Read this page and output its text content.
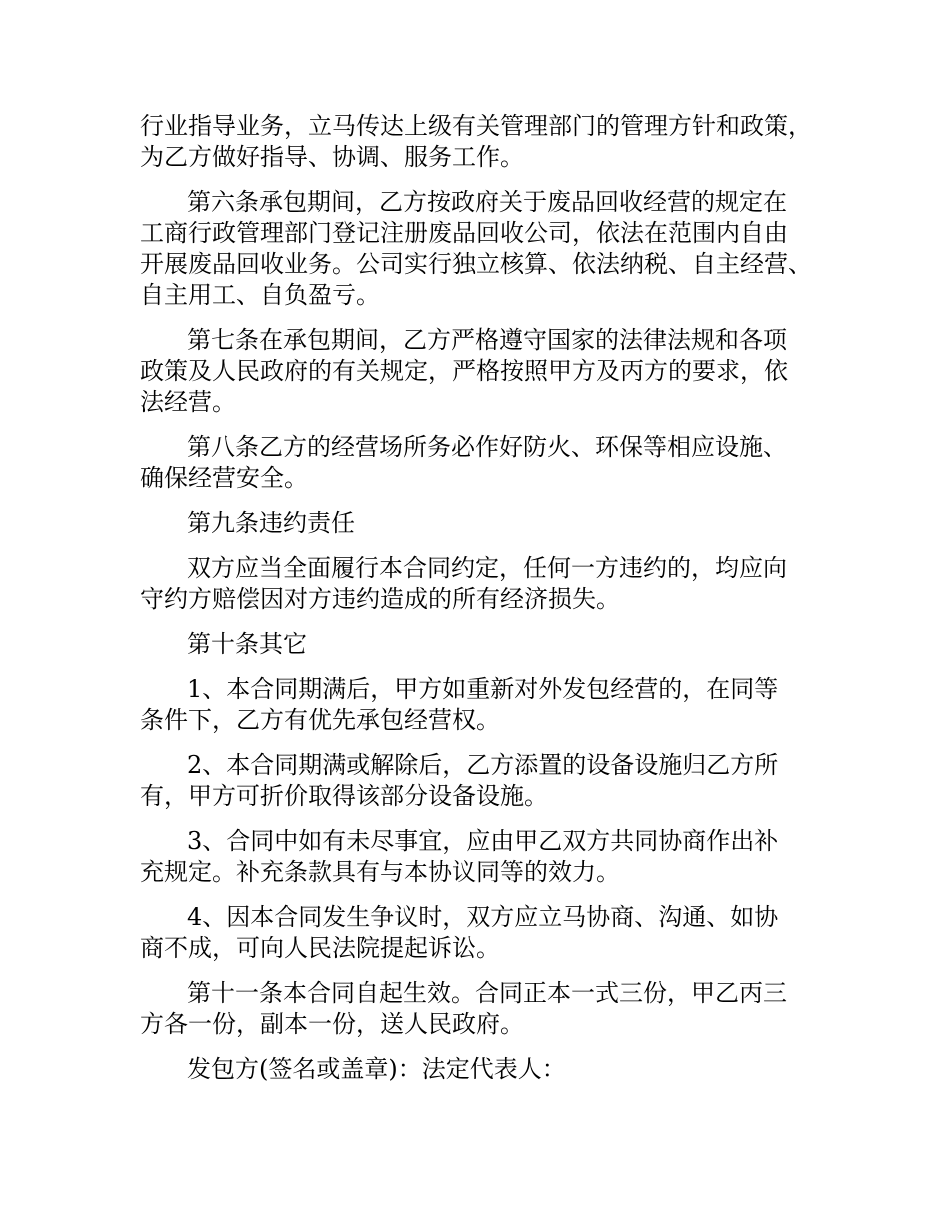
行业指导业务，立马传达上级有关管理部门的管理方针和政策，
为乙方做好指导、协调、服务工作。

第六条承包期间，乙方按政府关于废品回收经营的规定在
工商行政管理部门登记注册废品回收公司，依法在范围内自由
开展废品回收业务。公司实行独立核算、依法纳税、自主经营、
自主用工、自负盈亏。

第七条在承包期间，乙方严格遵守国家的法律法规和各项
政策及人民政府的有关规定，严格按照甲方及丙方的要求，依
法经营。

第八条乙方的经营场所务必作好防火、环保等相应设施、
确保经营安全。

第九条违约责任

双方应当全面履行本合同约定，任何一方违约的，均应向
守约方赔偿因对方违约造成的所有经济损失。

第十条其它

1、本合同期满后，甲方如重新对外发包经营的，在同等
条件下，乙方有优先承包经营权。

2、本合同期满或解除后，乙方添置的设备设施归乙方所
有，甲方可折价取得该部分设备设施。

3、合同中如有未尽事宜，应由甲乙双方共同协商作出补
充规定。补充条款具有与本协议同等的效力。

4、因本合同发生争议时，双方应立马协商、沟通、如协
商不成，可向人民法院提起诉讼。

第十一条本合同自起生效。合同正本一式三份，甲乙丙三
方各一份，副本一份，送人民政府。

发包方(签名或盖章)：法定代表人：
